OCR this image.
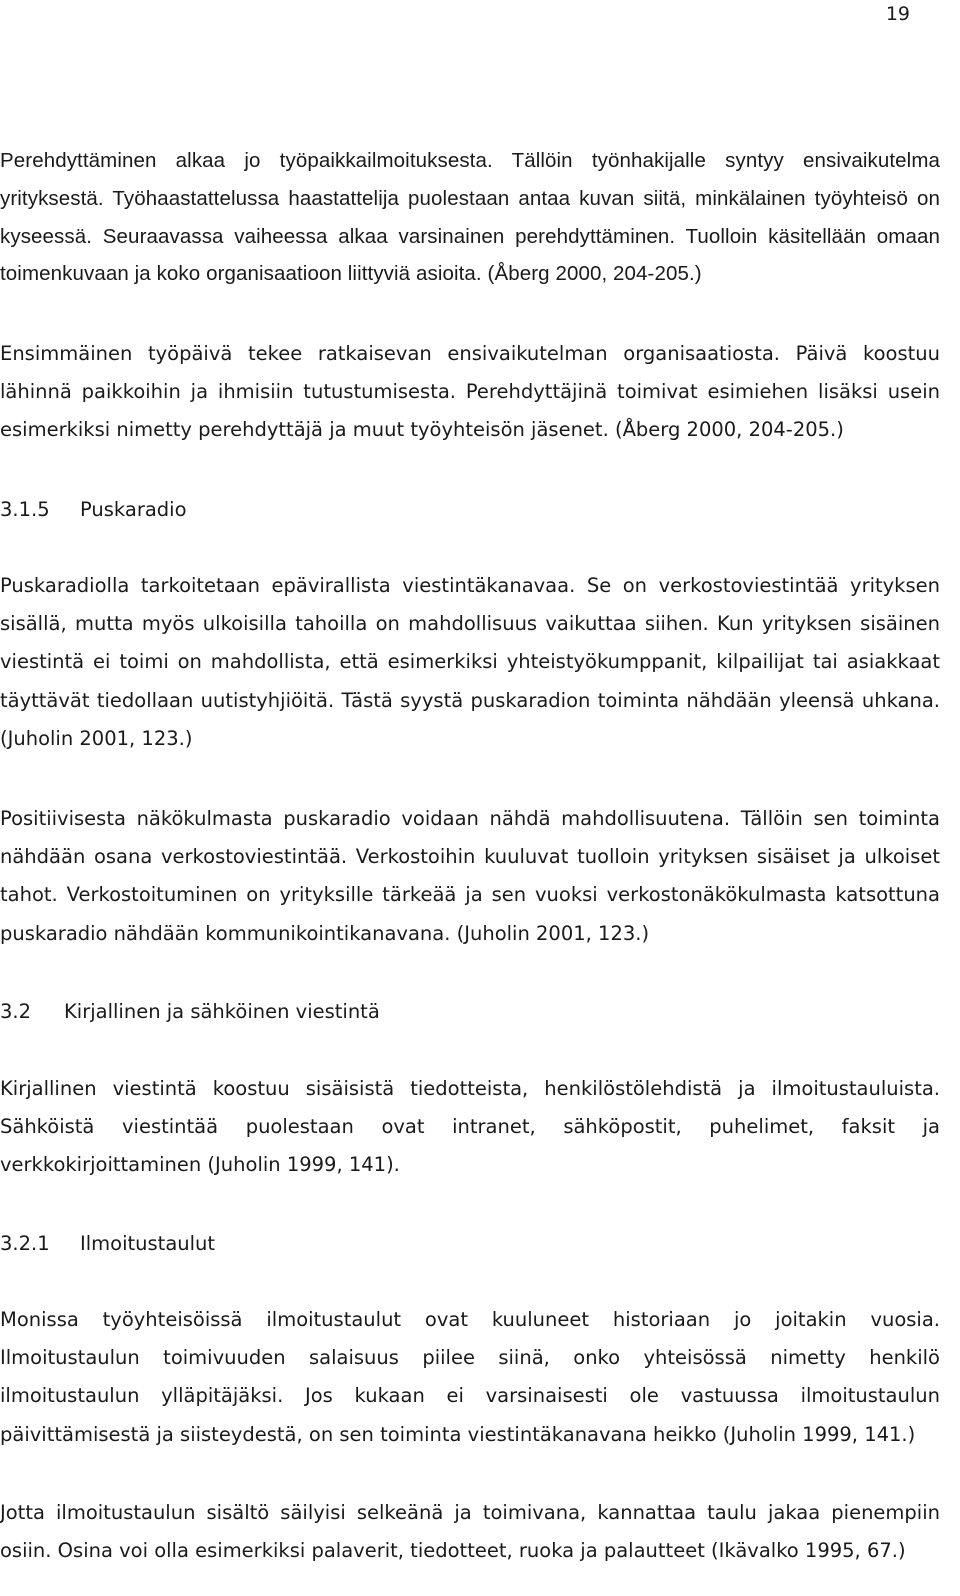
19

Perehdyttäminen alkaa jo työpaikkailmoituksesta. Tällöin työnhakijalle syntyy ensivaikutelma yrityksestä. Työhaastattelussa haastattelija puolestaan antaa kuvan siitä, minkälainen työyhteisö on kyseessä. Seuraavassa vaiheessa alkaa varsinainen perehdyttäminen. Tuolloin käsitellään omaan toimenkuvaan ja koko organisaatioon liittyviä asioita. (Åberg 2000, 204-205.)

Ensimmäinen työpäivä tekee ratkaisevan ensivaikutelman organisaatiosta. Päivä koostuu lähinnä paikkoihin ja ihmisiin tutustumisesta. Perehdyttäjinä toimivat esimiehen lisäksi usein esimerkiksi nimetty perehdyttäjä ja muut työyhteisön jäsenet. (Åberg 2000, 204-205.)

3.1.5 Puskaradio

Puskaradiolla tarkoitetaan epävirallista viestintäkanavaa. Se on verkostoviestintää yrityksen sisällä, mutta myös ulkoisilla tahoilla on mahdollisuus vaikuttaa siihen. Kun yrityksen sisäinen viestintä ei toimi on mahdollista, että esimerkiksi yhteistyökumppanit, kilpailijat tai asiakkaat täyttävät tiedollaan uutistyhjiöitä. Tästä syystä puskaradion toiminta nähdään yleensä uhkana. (Juholin 2001, 123.)

Positiivisesta näkökulmasta puskaradio voidaan nähdä mahdollisuutena. Tällöin sen toiminta nähdään osana verkostoviestintää. Verkostoihin kuuluvat tuolloin yrityksen sisäiset ja ulkoiset tahot. Verkostoituminen on yrityksille tärkeää ja sen vuoksi verkostonäkökulmasta katsottuna puskaradio nähdään kommunikointikanavana. (Juholin 2001, 123.)

3.2 Kirjallinen ja sähköinen viestintä

Kirjallinen viestintä koostuu sisäisistä tiedotteista, henkilöstölehdistä ja ilmoitustauluista. Sähköistä viestintää puolestaan ovat intranet, sähköpostit, puhelimet, faksit ja verkkokirjoittaminen (Juholin 1999, 141).

3.2.1 Ilmoitustaulut

Monissa työyhteisöissä ilmoitustaulut ovat kuuluneet historiaan jo joitakin vuosia. Ilmoitustaulun toimivuuden salaisuus piilee siinä, onko yhteisössä nimetty henkilö ilmoitustaulun ylläpitäjäksi. Jos kukaan ei varsinaisesti ole vastuussa ilmoitustaulun päivittämisestä ja siisteydestä, on sen toiminta viestintäkanavana heikko (Juholin 1999, 141.)

Jotta ilmoitustaulun sisältö säilyisi selkeänä ja toimivana, kannattaa taulu jakaa pienempiin osiin. Osina voi olla esimerkiksi palaverit, tiedotteet, ruoka ja palautteet (Ikävalko 1995, 67.)
